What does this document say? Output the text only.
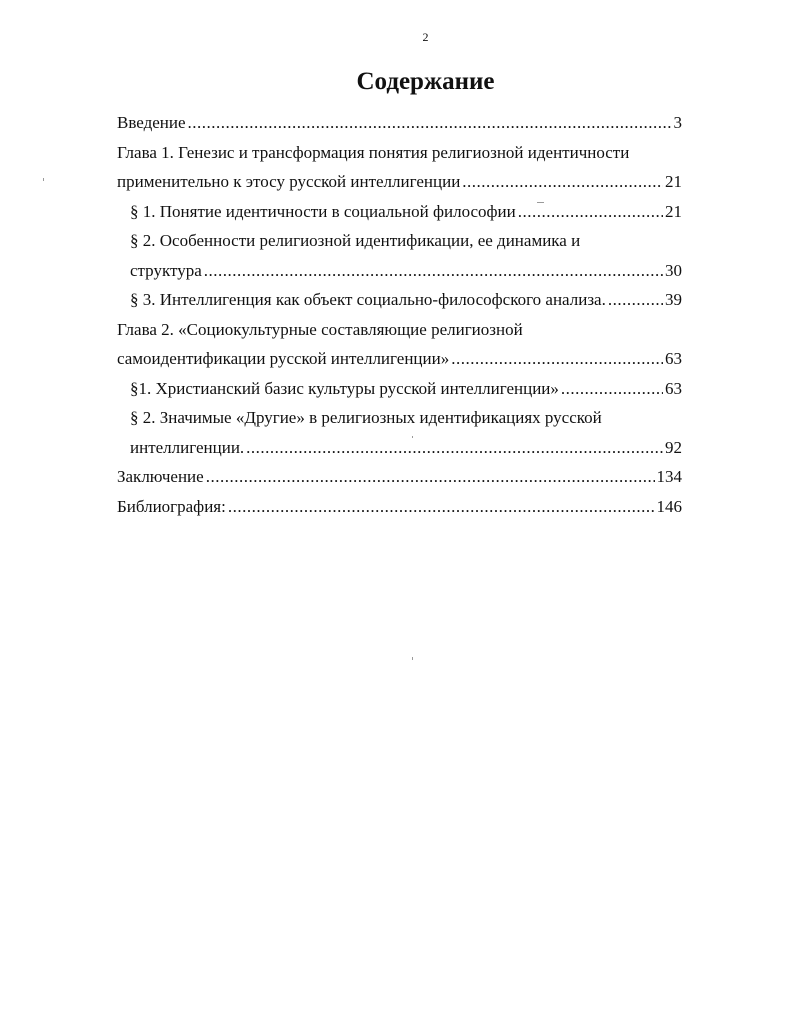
2
Содержание
Введение .....	3
Глава 1. Генезис и трансформация понятия религиозной идентичности
применительно к этосу русской интеллигенции .....	21
§ 1. Понятие идентичности в социальной философии .....	21
§ 2. Особенности религиозной идентификации, ее динамика и
структура .....	30
§ 3. Интеллигенция как объект социально-философского анализа. .....	39
Глава 2. «Социокультурные составляющие религиозной
самоидентификации русской интеллигенции» .....	63
§1. Христианский базис культуры русской интеллигенции» .....	63
§ 2. Значимые «Другие» в религиозных идентификациях русской
интеллигенции. .....	92
Заключение .....	134
Библиография: .....	146
